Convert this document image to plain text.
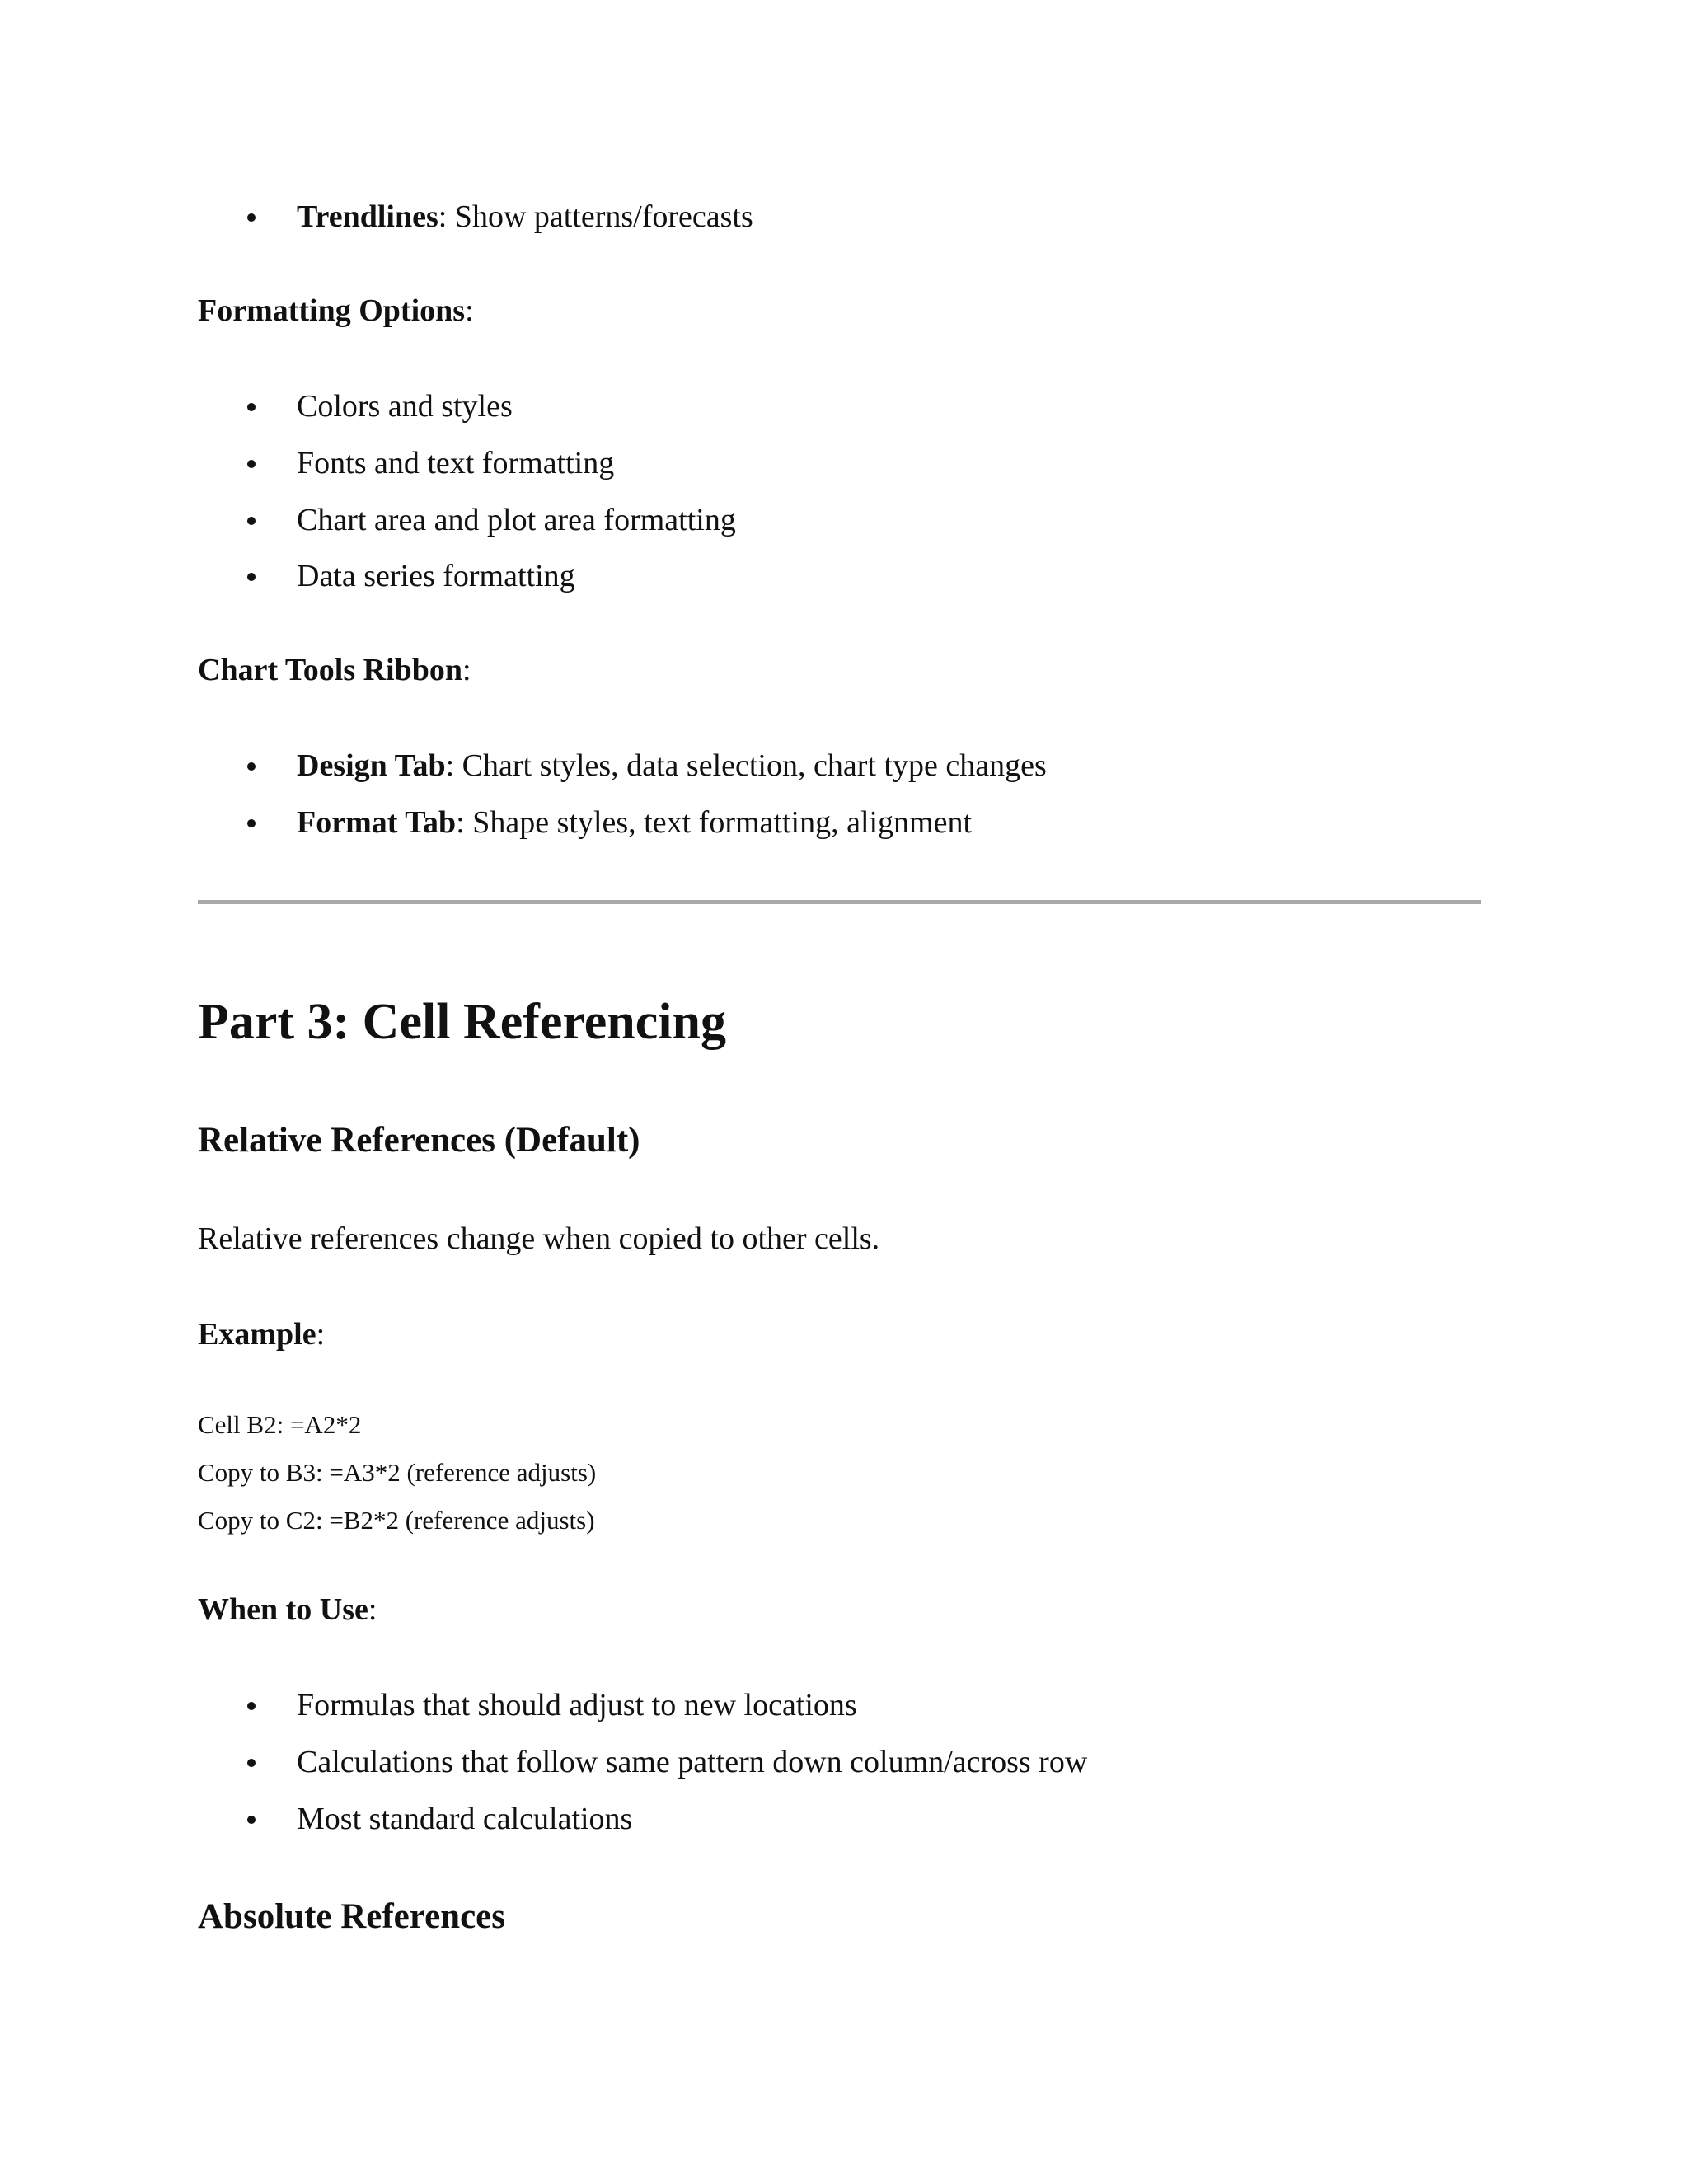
Trendlines: Show patterns/forecasts
Formatting Options:
Colors and styles
Fonts and text formatting
Chart area and plot area formatting
Data series formatting
Chart Tools Ribbon:
Design Tab: Chart styles, data selection, chart type changes
Format Tab: Shape styles, text formatting, alignment
Part 3: Cell Referencing
Relative References (Default)
Relative references change when copied to other cells.
Example:
Cell B2: =A2*2
Copy to B3: =A3*2 (reference adjusts)
Copy to C2: =B2*2 (reference adjusts)
When to Use:
Formulas that should adjust to new locations
Calculations that follow same pattern down column/across row
Most standard calculations
Absolute References
